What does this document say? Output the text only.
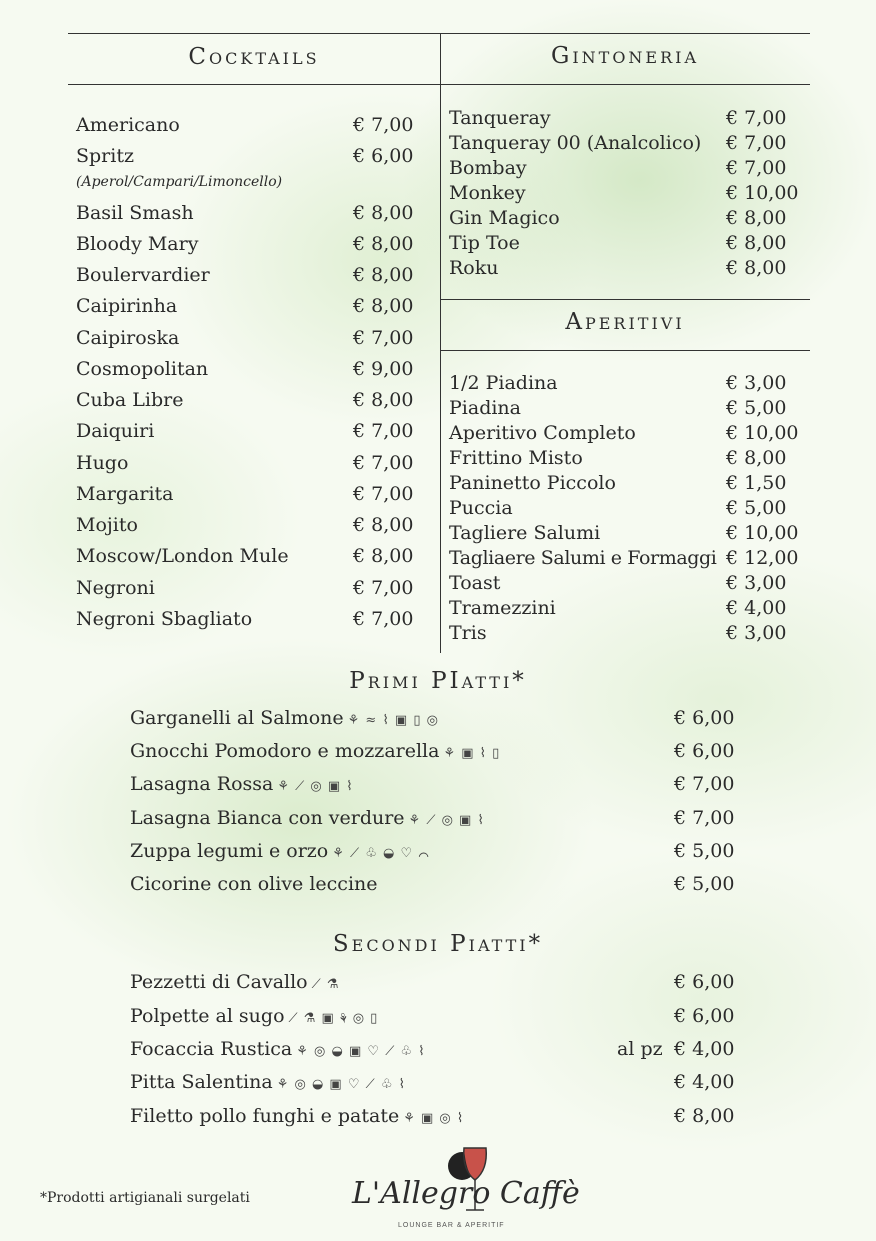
Cocktails	Gintoneria
Aperitivi
Primi PIatti*
Secondi Piatti*
Americano	€ 7,00
Spritz	€ 6,00
(Aperol/Campari/Limoncello)
Basil Smash	€ 8,00
Bloody Mary	€ 8,00
Boulervardier	€ 8,00
Caipirinha	€ 8,00
Caipiroska	€ 7,00
Cosmopolitan	€ 9,00
Cuba Libre	€ 8,00
Daiquiri	€ 7,00
Hugo	€ 7,00
Margarita	€ 7,00
Mojito	€ 8,00
Moscow/London Mule	€ 8,00
Negroni	€ 7,00
Negroni Sbagliato	€ 7,00
Tanqueray	€ 7,00
Tanqueray 00 (Analcolico) € 7,00
Bombay	€ 7,00
Monkey	€ 10,00
Gin Magico	€ 8,00
Tip Toe	€ 8,00
Roku	€ 8,00
1/2 Piadina	€ 3,00
Piadina	€ 5,00
Aperitivo Completo	€ 10,00
Frittino Misto	€ 8,00
Paninetto Piccolo	€ 1,50
Puccia	€ 5,00
Tagliere Salumi	€ 10,00
Tagliaere Salumi e Formaggi € 12,00
Toast	€ 3,00
Tramezzini	€ 4,00
Tris	€ 3,00
Garganelli al Salmone ⚘ ≈ ⌇ ▣ ▯ ◎	€ 6,00
Gnocchi Pomodoro e mozzarella ⚘ ▣ ⌇ ▯	€ 6,00
Lasagna Rossa ⚘ ⟋ ◎ ▣ ⌇	€ 7,00
Lasagna Bianca con verdure ⚘ ⟋ ◎ ▣ ⌇	€ 7,00
Zuppa legumi e orzo ⚘ ⟋ ♧ ◒ ♡ ⌒	€ 5,00
Cicorine con olive leccine	€ 5,00
Pezzetti di Cavallo ⟋ ⚗	€ 6,00
Polpette al sugo ⟋ ⚗ ▣ ⚘ ◎ ▯	€ 6,00
Focaccia Rustica ⚘ ◎ ◒ ▣ ♡ ⟋ ♧ ⌇	al pz € 4,00
Pitta Salentina ⚘ ◎ ◒ ▣ ♡ ⟋ ♧ ⌇	€ 4,00
Filetto pollo funghi e patate ⚘ ▣ ◎ ⌇	€ 8,00
*Prodotti artigianali surgelati	L'Allegro Caffè
LOUNGE BAR & APERITIF
